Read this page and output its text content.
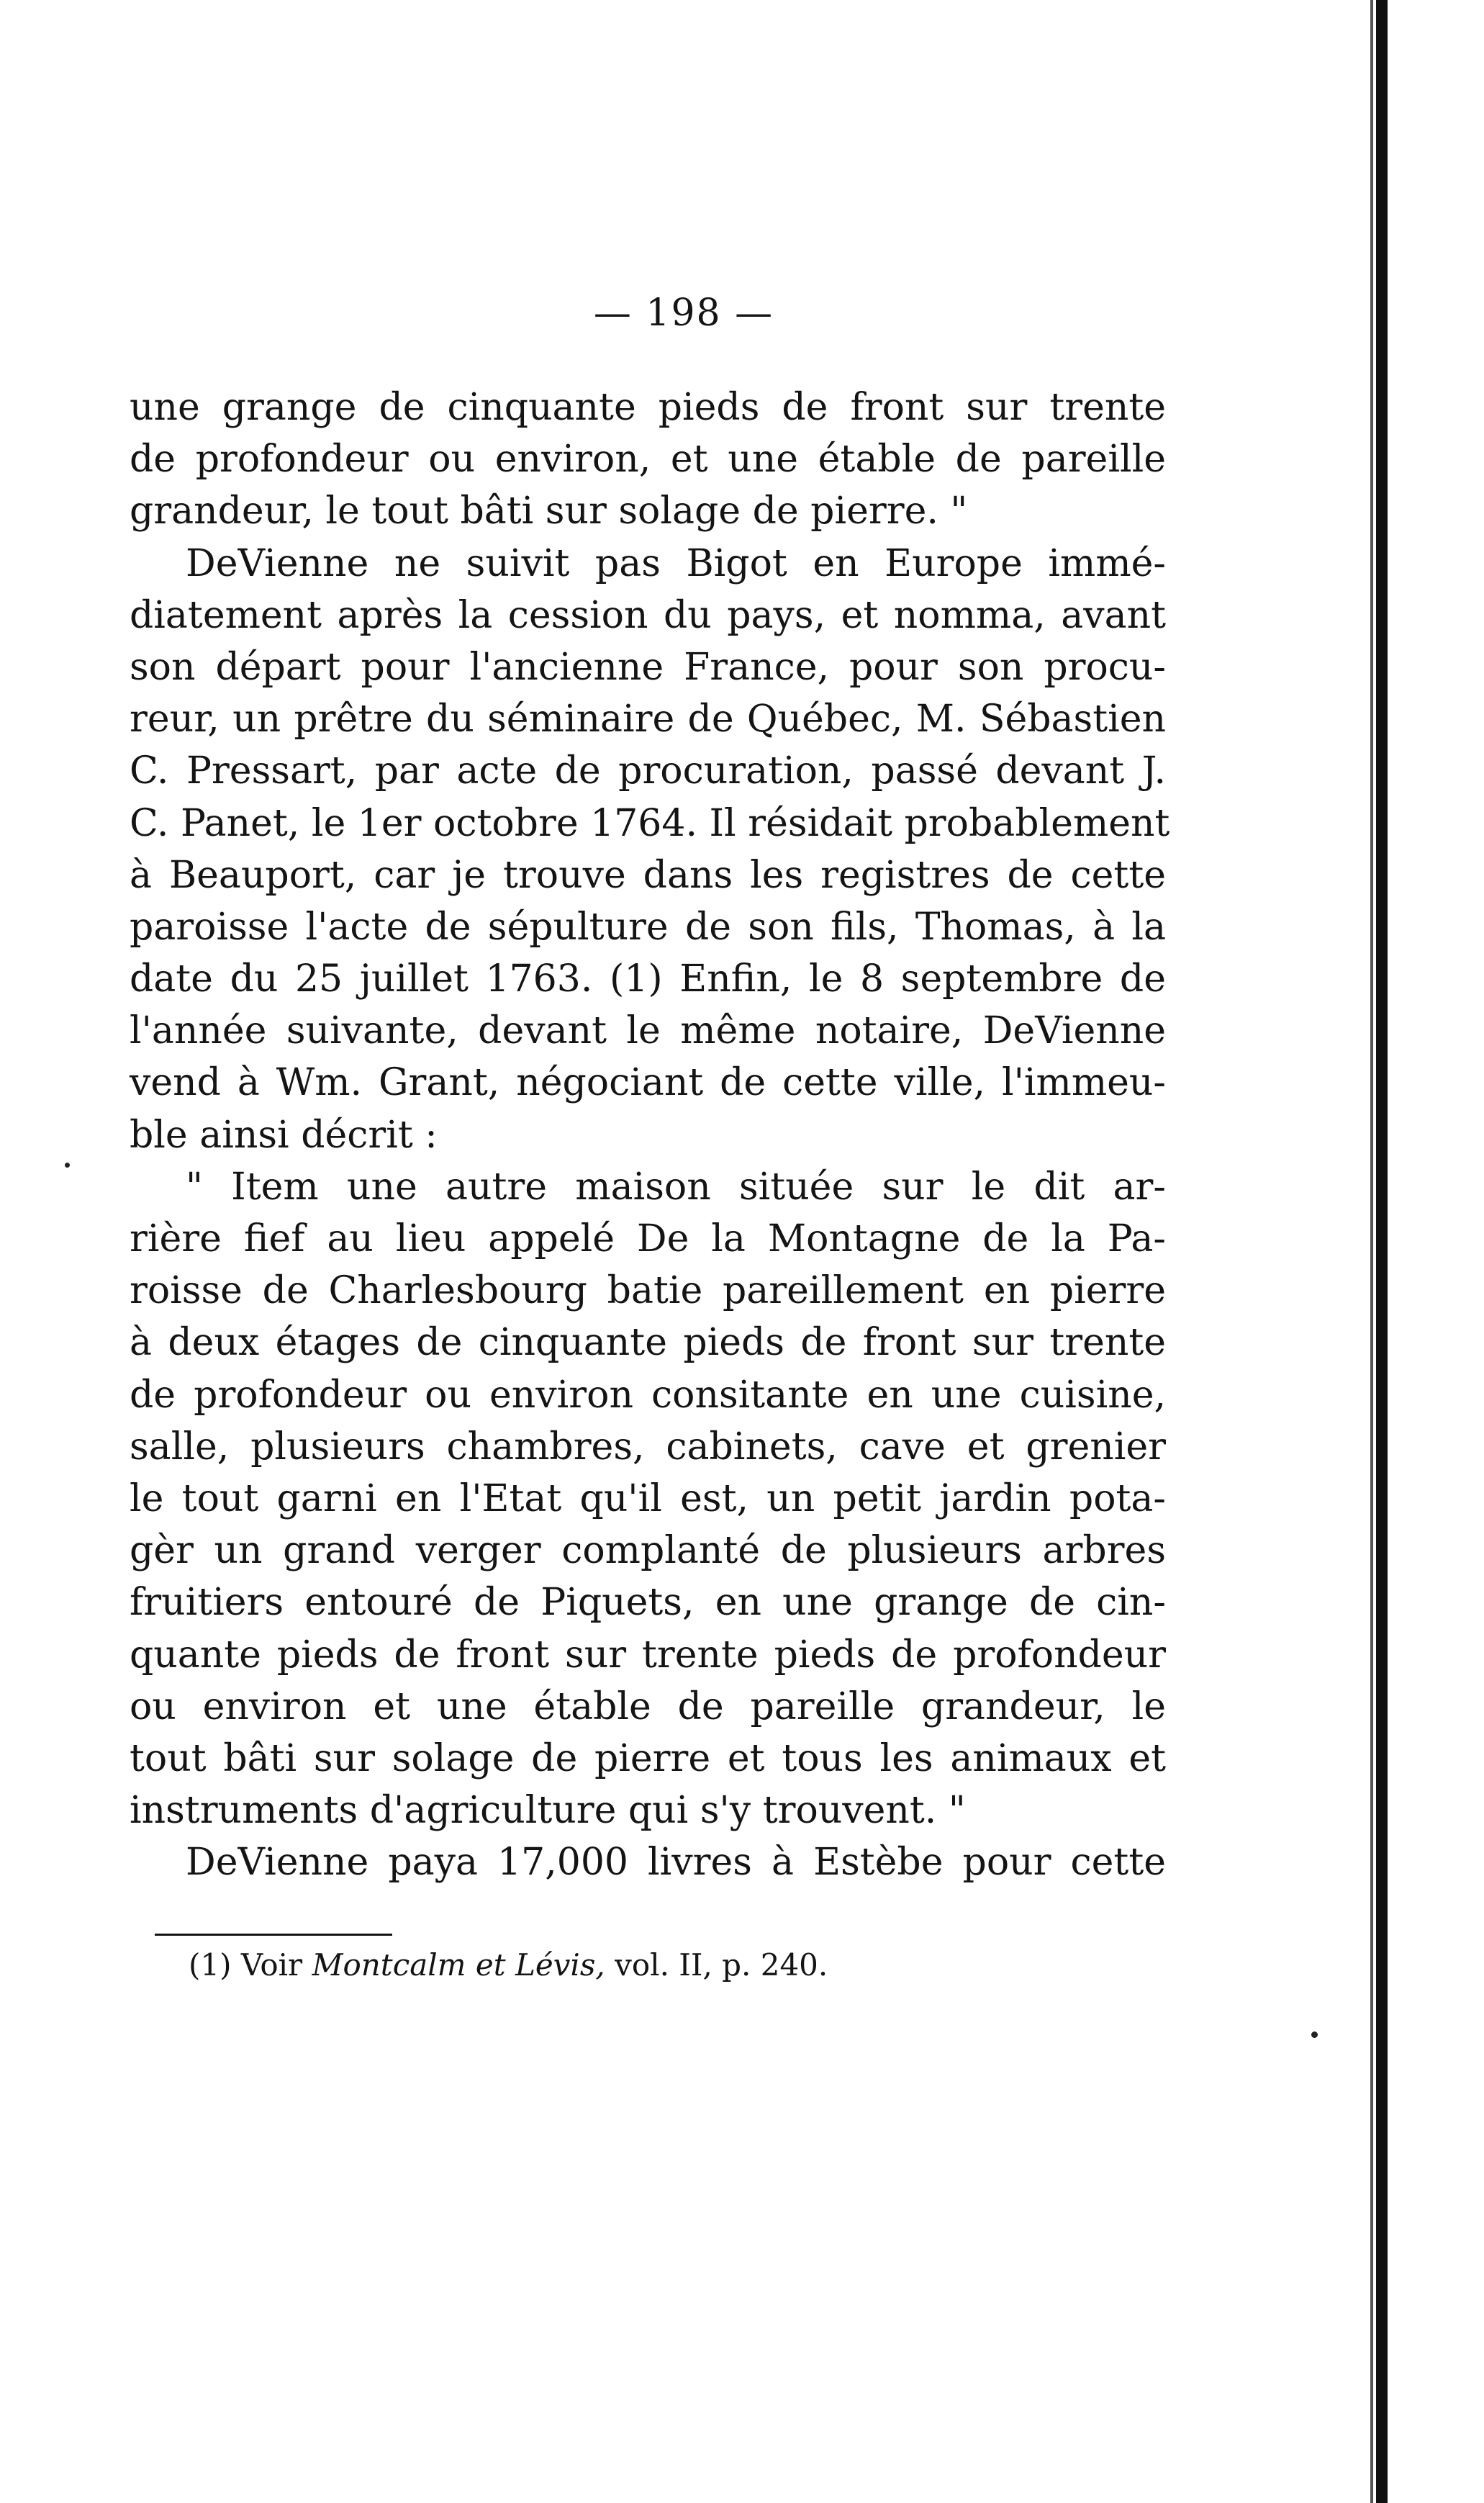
— 198 —
une grange de cinquante pieds de front sur trente
de profondeur ou environ, et une étable de pareille
grandeur, le tout bâti sur solage de pierre. "
DeVienne ne suivit pas Bigot en Europe immé-
diatement après la cession du pays, et nomma, avant
son départ pour l'ancienne France, pour son procu-
reur, un prêtre du séminaire de Québec, M. Sébastien
C. Pressart, par acte de procuration, passé devant J.
C. Panet, le 1er octobre 1764. Il résidait probablement
à Beauport, car je trouve dans les registres de cette
paroisse l'acte de sépulture de son fils, Thomas, à la
date du 25 juillet 1763. (1) Enfin, le 8 septembre de
l'année suivante, devant le même notaire, DeVienne
vend à Wm. Grant, négociant de cette ville, l'immeu-
ble ainsi décrit :
" Item une autre maison située sur le dit ar-
rière fief au lieu appelé De la Montagne de la Pa-
roisse de Charlesbourg batie pareillement en pierre
à deux étages de cinquante pieds de front sur trente
de profondeur ou environ consitante en une cuisine,
salle, plusieurs chambres, cabinets, cave et grenier
le tout garni en l'Etat qu'il est, un petit jardin pota-
gèr un grand verger complanté de plusieurs arbres
fruitiers entouré de Piquets, en une grange de cin-
quante pieds de front sur trente pieds de profondeur
ou environ et une étable de pareille grandeur, le
tout bâti sur solage de pierre et tous les animaux et
instruments d'agriculture qui s'y trouvent. "
DeVienne paya 17,000 livres à Estèbe pour cette
(1) Voir Montcalm et Lévis, vol. II, p. 240.
